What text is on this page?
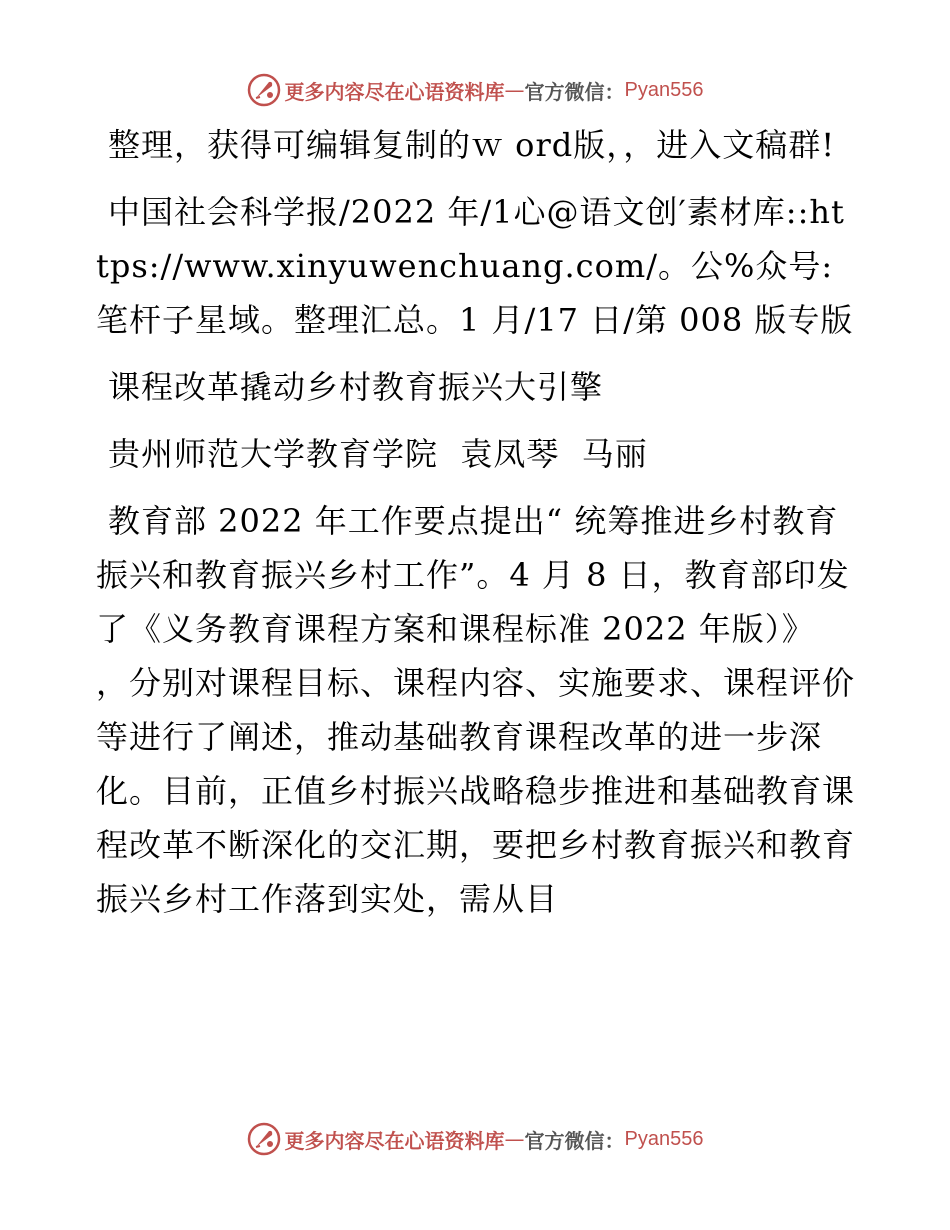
更多内容尽在心语资料库 — 官方微信： Pyan556

整理，获得可编辑复制的ｗ ord版，，进入文稿群!

中国社会科学报/2022 年/1心@语文创′素材库::https://www.xinyuwenchuang.com/。公%众号: 笔杆子星域。整理汇总。1 月/17 日/第 008 版专版

课程改革撬动乡村教育振兴大引擎

贵州师范大学教育学院  袁凤琴  马丽

教育部 2022 年工作要点提出“ 统筹推进乡村教育振兴和教育振兴乡村工作”。4 月 8 日，教育部印发了《义务教育课程方案和课程标准 2022 年版）》 ，分别对课程目标、课程内容、实施要求、课程评价等进行了阐述，推动基础教育课程改革的进一步深化。目前，正值乡村振兴战略稳步推进和基础教育课程改革不断深化的交汇期，要把乡村教育振兴和教育振兴乡村工作落到实处，需从目

更多内容尽在心语资料库 — 官方微信： Pyan556
